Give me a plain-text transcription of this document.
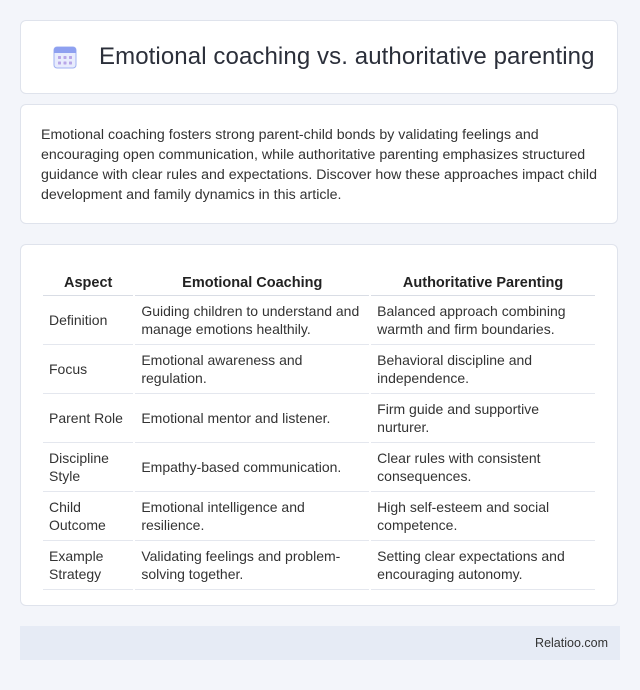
Emotional coaching vs. authoritative parenting

Emotional coaching fosters strong parent-child bonds by validating feelings and encouraging open communication, while authoritative parenting emphasizes structured guidance with clear rules and expectations. Discover how these approaches impact child development and family dynamics in this article.

Aspect	Emotional Coaching	Authoritative Parenting
Definition	Guiding children to understand and manage emotions healthily.	Balanced approach combining warmth and firm boundaries.
Focus	Emotional awareness and regulation.	Behavioral discipline and independence.
Parent Role	Emotional mentor and listener.	Firm guide and supportive nurturer.
Discipline Style	Empathy-based communication.	Clear rules with consistent consequences.
Child Outcome	Emotional intelligence and resilience.	High self-esteem and social competence.
Example Strategy	Validating feelings and problem-solving together.	Setting clear expectations and encouraging autonomy.
Relatioo.com
